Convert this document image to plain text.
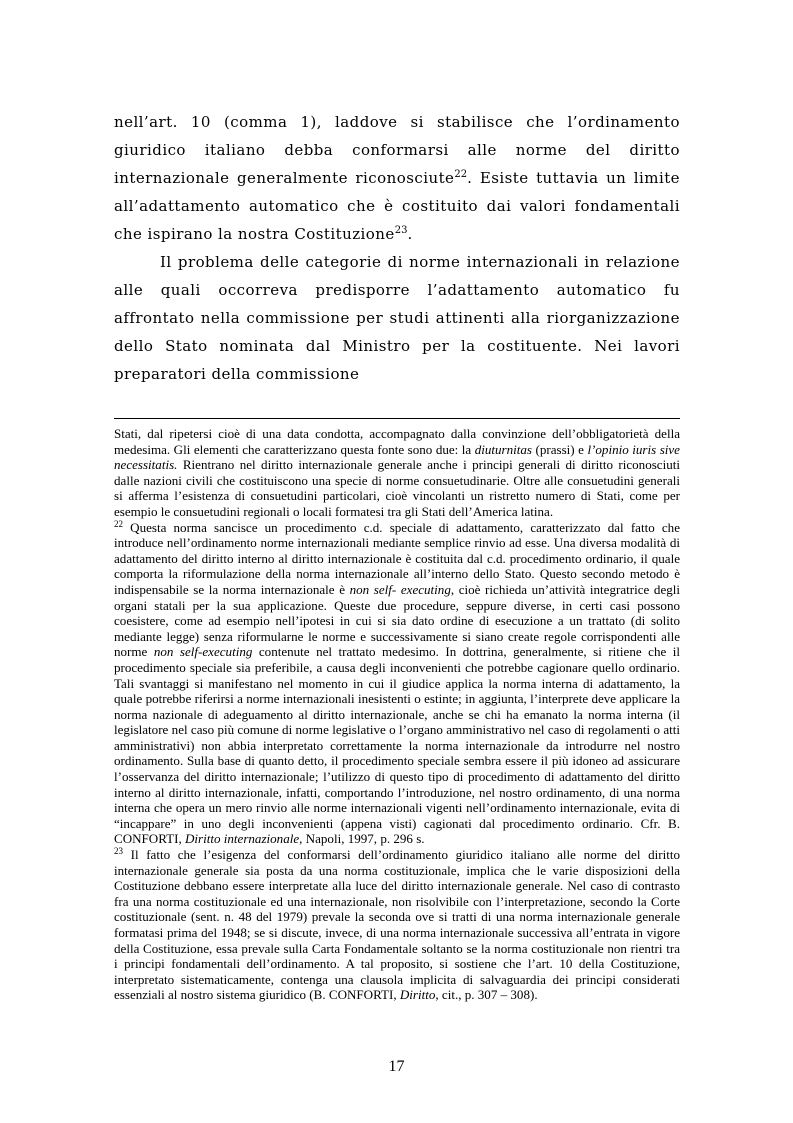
nell’art. 10 (comma 1), laddove si stabilisce che l’ordinamento giuridico italiano debba conformarsi alle norme del diritto internazionale generalmente riconosciute$^{22}$. Esiste tuttavia un limite all’adattamento automatico che è costituito dai valori fondamentali che ispirano la nostra Costituzione$^{23}$.

Il problema delle categorie di norme internazionali in relazione alle quali occorreva predisporre l’adattamento automatico fu affrontato nella commissione per studi attinenti alla riorganizzazione dello Stato nominata dal Ministro per la costituente. Nei lavori preparatori della commissione

Stati, dal ripetersi cioè di una data condotta, accompagnato dalla convinzione dell’obbligatorietà della medesima. Gli elementi che caratterizzano questa fonte sono due: la diuturnitas (prassi) e l’opinio iuris sive necessitatis. Rientrano nel diritto internazionale generale anche i principi generali di diritto riconosciuti dalle nazioni civili che costituiscono una specie di norme consuetudinarie. Oltre alle consuetudini generali si afferma l’esistenza di consuetudini particolari, cioè vincolanti un ristretto numero di Stati, come per esempio le consuetudini regionali o locali formatesi tra gli Stati dell’America latina.

$^{22}$ Questa norma sancisce un procedimento c.d. speciale di adattamento, caratterizzato dal fatto che introduce nell’ordinamento norme internazionali mediante semplice rinvio ad esse. Una diversa modalità di adattamento del diritto interno al diritto internazionale è costituita dal c.d. procedimento ordinario, il quale comporta la riformulazione della norma internazionale all’interno dello Stato. Questo secondo metodo è indispensabile se la norma internazionale è non self- executing, cioè richieda un’attività integratrice degli organi statali per la sua applicazione. Queste due procedure, seppure diverse, in certi casi possono coesistere, come ad esempio nell’ipotesi in cui si sia dato ordine di esecuzione a un trattato (di solito mediante legge) senza riformularne le norme e successivamente si siano create regole corrispondenti alle norme non self-executing contenute nel trattato medesimo. In dottrina, generalmente, si ritiene che il procedimento speciale sia preferibile, a causa degli inconvenienti che potrebbe cagionare quello ordinario. Tali svantaggi si manifestano nel momento in cui il giudice applica la norma interna di adattamento, la quale potrebbe riferirsi a norme internazionali inesistenti o estinte; in aggiunta, l’interprete deve applicare la norma nazionale di adeguamento al diritto internazionale, anche se chi ha emanato la norma interna (il legislatore nel caso più comune di norme legislative o l’organo amministrativo nel caso di regolamenti o atti amministrativi) non abbia interpretato correttamente la norma internazionale da introdurre nel nostro ordinamento. Sulla base di quanto detto, il procedimento speciale sembra essere il più idoneo ad assicurare l’osservanza del diritto internazionale; l’utilizzo di questo tipo di procedimento di adattamento del diritto interno al diritto internazionale, infatti, comportando l’introduzione, nel nostro ordinamento, di una norma interna che opera un mero rinvio alle norme internazionali vigenti nell’ordinamento internazionale, evita di “incappare” in uno degli inconvenienti (appena visti) cagionati dal procedimento ordinario. Cfr. B. CONFORTI, Diritto internazionale, Napoli, 1997, p. 296 s.

$^{23}$ Il fatto che l’esigenza del conformarsi dell’ordinamento giuridico italiano alle norme del diritto internazionale generale sia posta da una norma costituzionale, implica che le varie disposizioni della Costituzione debbano essere interpretate alla luce del diritto internazionale generale. Nel caso di contrasto fra una norma costituzionale ed una internazionale, non risolvibile con l’interpretazione, secondo la Corte costituzionale (sent. n. 48 del 1979) prevale la seconda ove si tratti di una norma internazionale generale formatasi prima del 1948; se si discute, invece, di una norma internazionale successiva all’entrata in vigore della Costituzione, essa prevale sulla Carta Fondamentale soltanto se la norma costituzionale non rientri tra i principi fondamentali dell’ordinamento. A tal proposito, si sostiene che l’art. 10 della Costituzione, interpretato sistematicamente, contenga una clausola implicita di salvaguardia dei principi considerati essenziali al nostro sistema giuridico (B. CONFORTI, Diritto, cit., p. 307 – 308).

17
